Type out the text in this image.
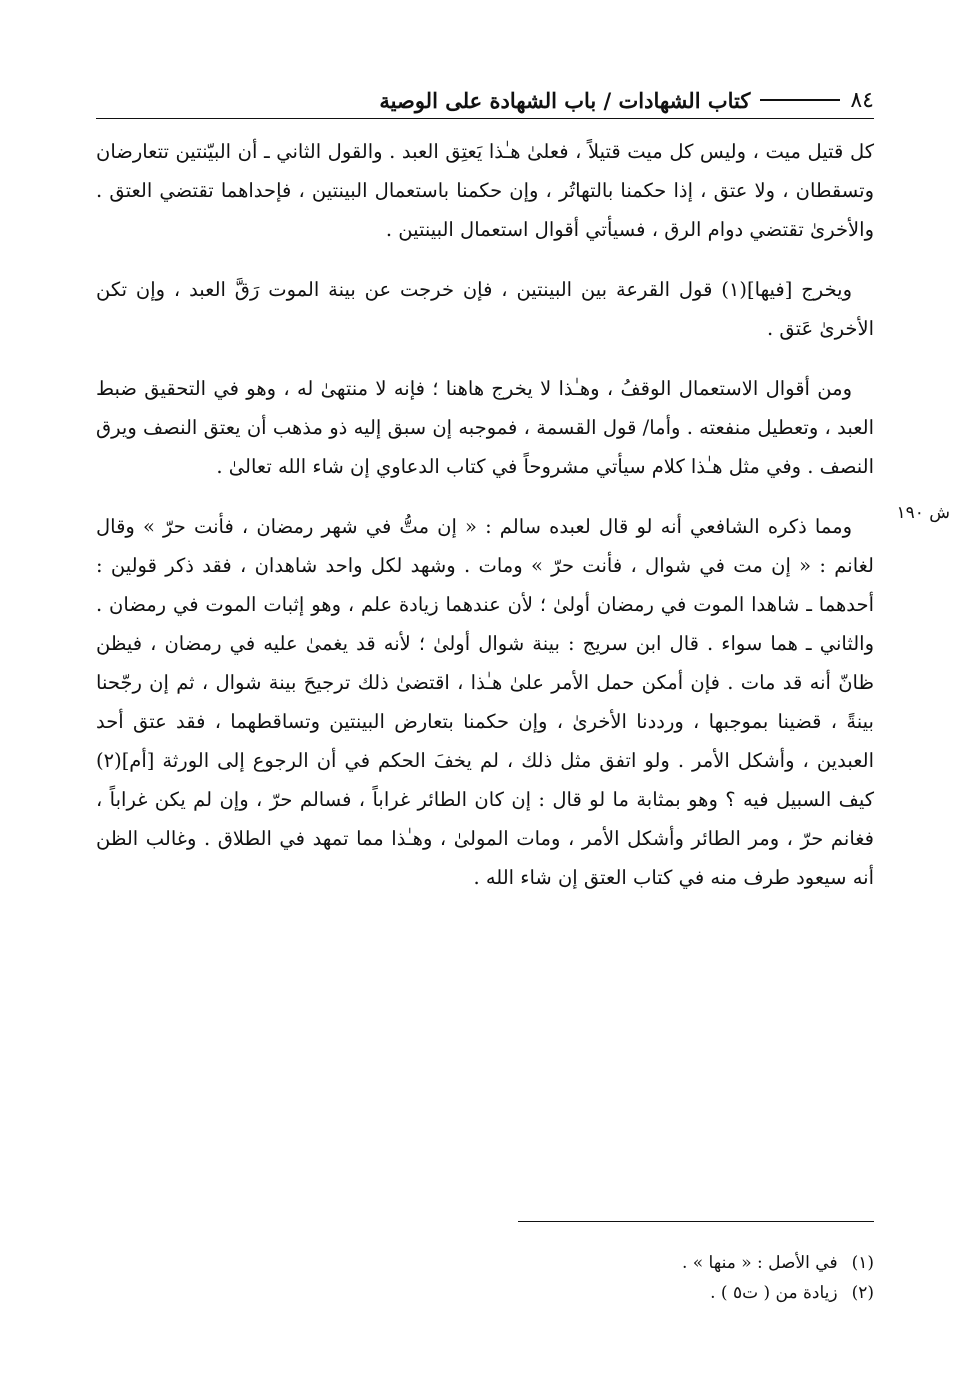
٨٤
كتاب الشهادات / باب الشهادة على الوصية

كل قتيل ميت ، وليس كل ميت قتيلاً ، فعلىٰ هـٰذا يَعتِق العبد . والقول الثاني ـ أن البيّنتين تتعارضان وتسقطان ، ولا عتق ، إذا حكمنا بالتهاتُر ، وإن حكمنا باستعمال البينتين ، فإحداهما تقتضي العتق . والأخرىٰ تقتضي دوام الرق ، فسيأتي أقوال استعمال البينتين .

ويخرج [فيها](١) قول القرعة بين البينتين ، فإن خرجت عن بينة الموت رَقَّ العبد ، وإن تكن الأخرىٰ عَتق .

ومن أقوال الاستعمال الوقفُ ، وهـٰذا لا يخرج هاهنا ؛ فإنه لا منتهىٰ له ، وهو في التحقيق ضبط العبد ، وتعطيل منفعته . وأما/ قول القسمة ، فموجبه إن سبق إليه ذو مذهب أن يعتق النصف ويرق النصف . وفي مثل هـٰذا كلام سيأتي مشروحاً في كتاب الدعاوي إن شاء الله تعالىٰ .

ومما ذكره الشافعي أنه لو قال لعبده سالم : « إن متُّ في شهر رمضان ، فأنت حرّ » وقال لغانم : « إن مت في شوال ، فأنت حرّ » ومات . وشهد لكل واحد شاهدان ، فقد ذكر قولين : أحدهما ـ شاهدا الموت في رمضان أولىٰ ؛ لأن عندهما زيادة علم ، وهو إثبات الموت في رمضان . والثاني ـ هما سواء . قال ابن سريج : بينة شوال أولىٰ ؛ لأنه قد يغمىٰ عليه في رمضان ، فيظن ظانّ أنه قد مات . فإن أمكن حمل الأمر علىٰ هـٰذا ، اقتضىٰ ذلك ترجيحَ بينة شوال ، ثم إن رجّحنا بينةً ، قضينا بموجبها ، ورددنا الأخرىٰ ، وإن حكمنا بتعارض البينتين وتساقطهما ، فقد عتق أحد العبدين ، وأشكل الأمر . ولو اتفق مثل ذلك ، لم يخفَ الحكم في أن الرجوع إلى الورثة [أم](٢) كيف السبيل فيه ؟ وهو بمثابة ما لو قال : إن كان الطائر غراباً ، فسالم حرّ ، وإن لم يكن غراباً ، فغانم حرّ ، ومر الطائر وأشكل الأمر ، ومات المولىٰ ، وهـٰذا مما تمهد في الطلاق . وغالب الظن أنه سيعود طرف منه في كتاب العتق إن شاء الله .

ش ١٩٠
(١)
في الأصل : « منها » .
(٢)
زيادة من ( ت٥ ) .
